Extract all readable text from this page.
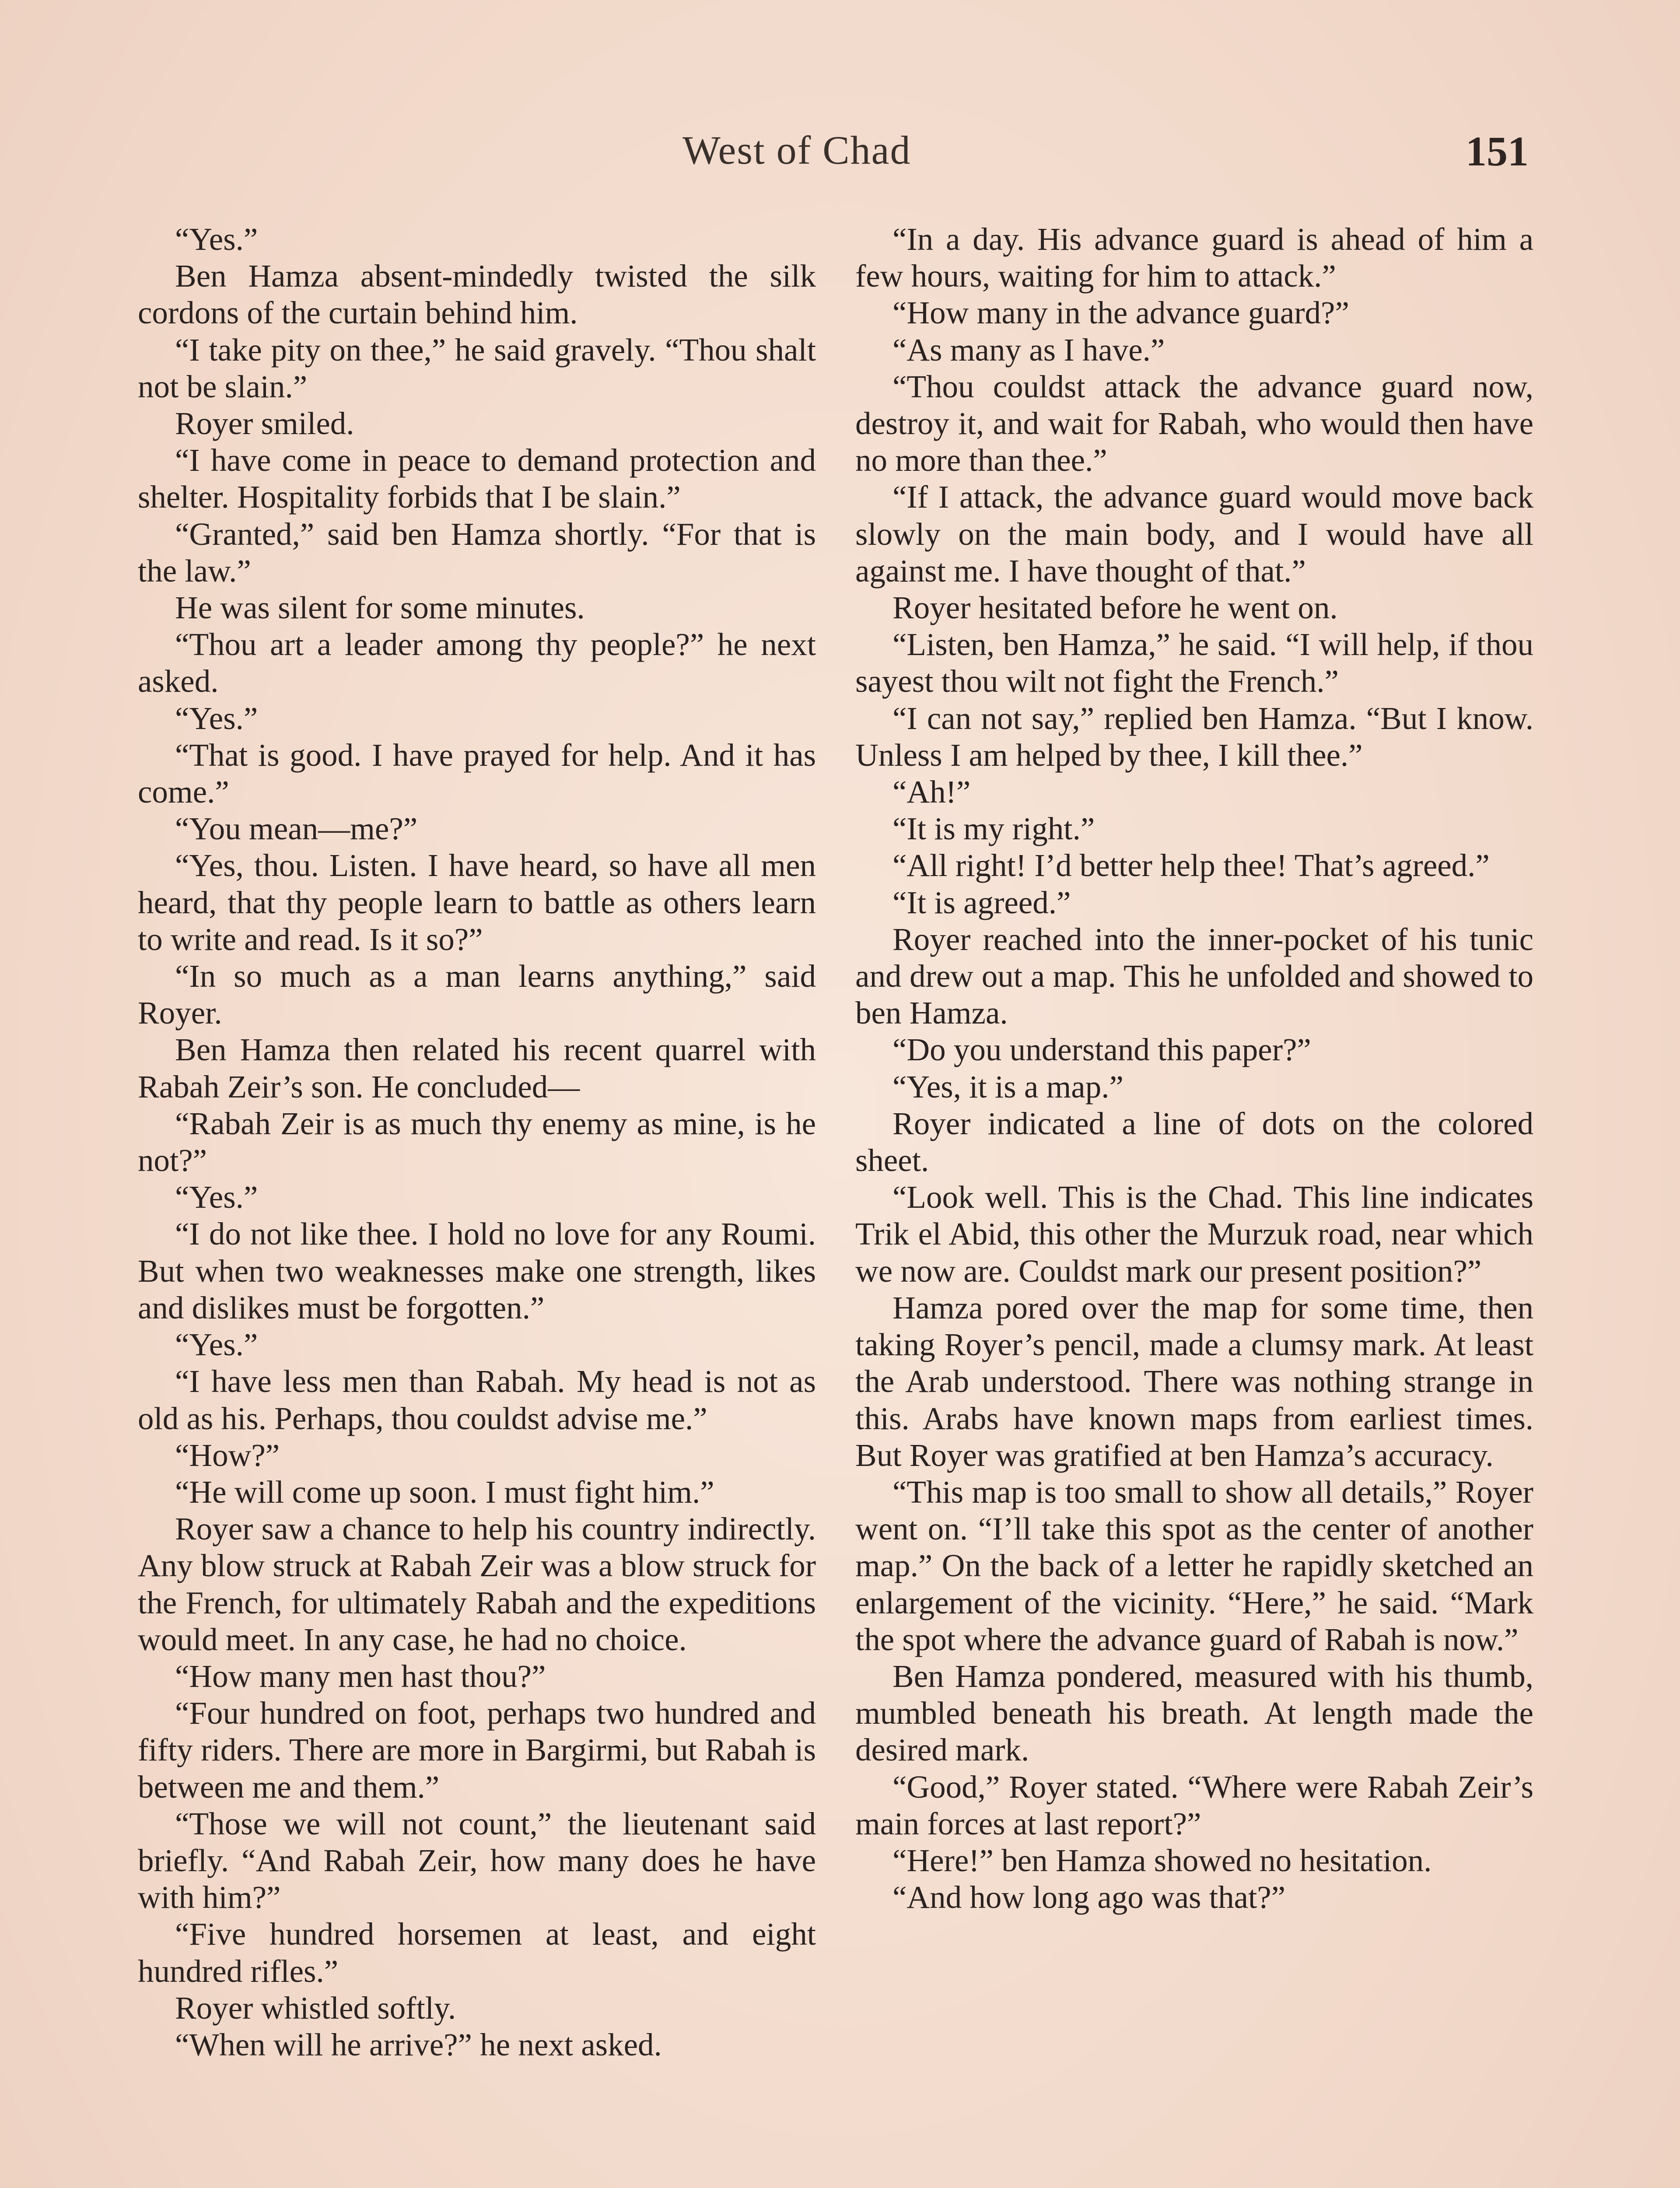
West of Chad	151

“Yes.”

Ben Hamza absent-mindedly twisted the silk cordons of the curtain behind him.

“I take pity on thee,” he said gravely. “Thou shalt not be slain.”

Royer smiled.

“I have come in peace to demand protection and shelter. Hospitality forbids that I be slain.”

“Granted,” said ben Hamza shortly. “For that is the law.”

He was silent for some minutes.

“Thou art a leader among thy people?” he next asked.

“Yes.”

“That is good. I have prayed for help. And it has come.”

“You mean—me?”

“Yes, thou. Listen. I have heard, so have all men heard, that thy people learn to battle as others learn to write and read. Is it so?”

“In so much as a man learns anything,” said Royer.

Ben Hamza then related his recent quarrel with Rabah Zeir’s son. He concluded—

“Rabah Zeir is as much thy enemy as mine, is he not?”

“Yes.”

“I do not like thee. I hold no love for any Roumi. But when two weaknesses make one strength, likes and dislikes must be forgotten.”

“Yes.”

“I have less men than Rabah. My head is not as old as his. Perhaps, thou couldst advise me.”

“How?”

“He will come up soon. I must fight him.”

Royer saw a chance to help his country indirectly. Any blow struck at Rabah Zeir was a blow struck for the French, for ultimately Rabah and the expeditions would meet. In any case, he had no choice.

“How many men hast thou?”

“Four hundred on foot, perhaps two hundred and fifty riders. There are more in Bargirmi, but Rabah is between me and them.”

“Those we will not count,” the lieutenant said briefly. “And Rabah Zeir, how many does he have with him?”

“Five hundred horsemen at least, and eight hundred rifles.”

Royer whistled softly.

“When will he arrive?” he next asked.

“In a day. His advance guard is ahead of him a few hours, waiting for him to attack.”

“How many in the advance guard?”

“As many as I have.”

“Thou couldst attack the advance guard now, destroy it, and wait for Rabah, who would then have no more than thee.”

“If I attack, the advance guard would move back slowly on the main body, and I would have all against me. I have thought of that.”

Royer hesitated before he went on.

“Listen, ben Hamza,” he said. “I will help, if thou sayest thou wilt not fight the French.”

“I can not say,” replied ben Hamza. “But I know. Unless I am helped by thee, I kill thee.”

“Ah!”

“It is my right.”

“All right! I’d better help thee! That’s agreed.”

“It is agreed.”

Royer reached into the inner-pocket of his tunic and drew out a map. This he unfolded and showed to ben Hamza.

“Do you understand this paper?”

“Yes, it is a map.”

Royer indicated a line of dots on the colored sheet.

“Look well. This is the Chad. This line indicates Trik el Abid, this other the Murzuk road, near which we now are. Couldst mark our present position?”

Hamza pored over the map for some time, then taking Royer’s pencil, made a clumsy mark. At least the Arab understood. There was nothing strange in this. Arabs have known maps from earliest times. But Royer was gratified at ben Hamza’s accuracy.

“This map is too small to show all details,” Royer went on. “I’ll take this spot as the center of another map.” On the back of a letter he rapidly sketched an enlargement of the vicinity. “Here,” he said. “Mark the spot where the advance guard of Rabah is now.”

Ben Hamza pondered, measured with his thumb, mumbled beneath his breath. At length made the desired mark.

“Good,” Royer stated. “Where were Rabah Zeir’s main forces at last report?”

“Here!” ben Hamza showed no hesitation.

“And how long ago was that?”
